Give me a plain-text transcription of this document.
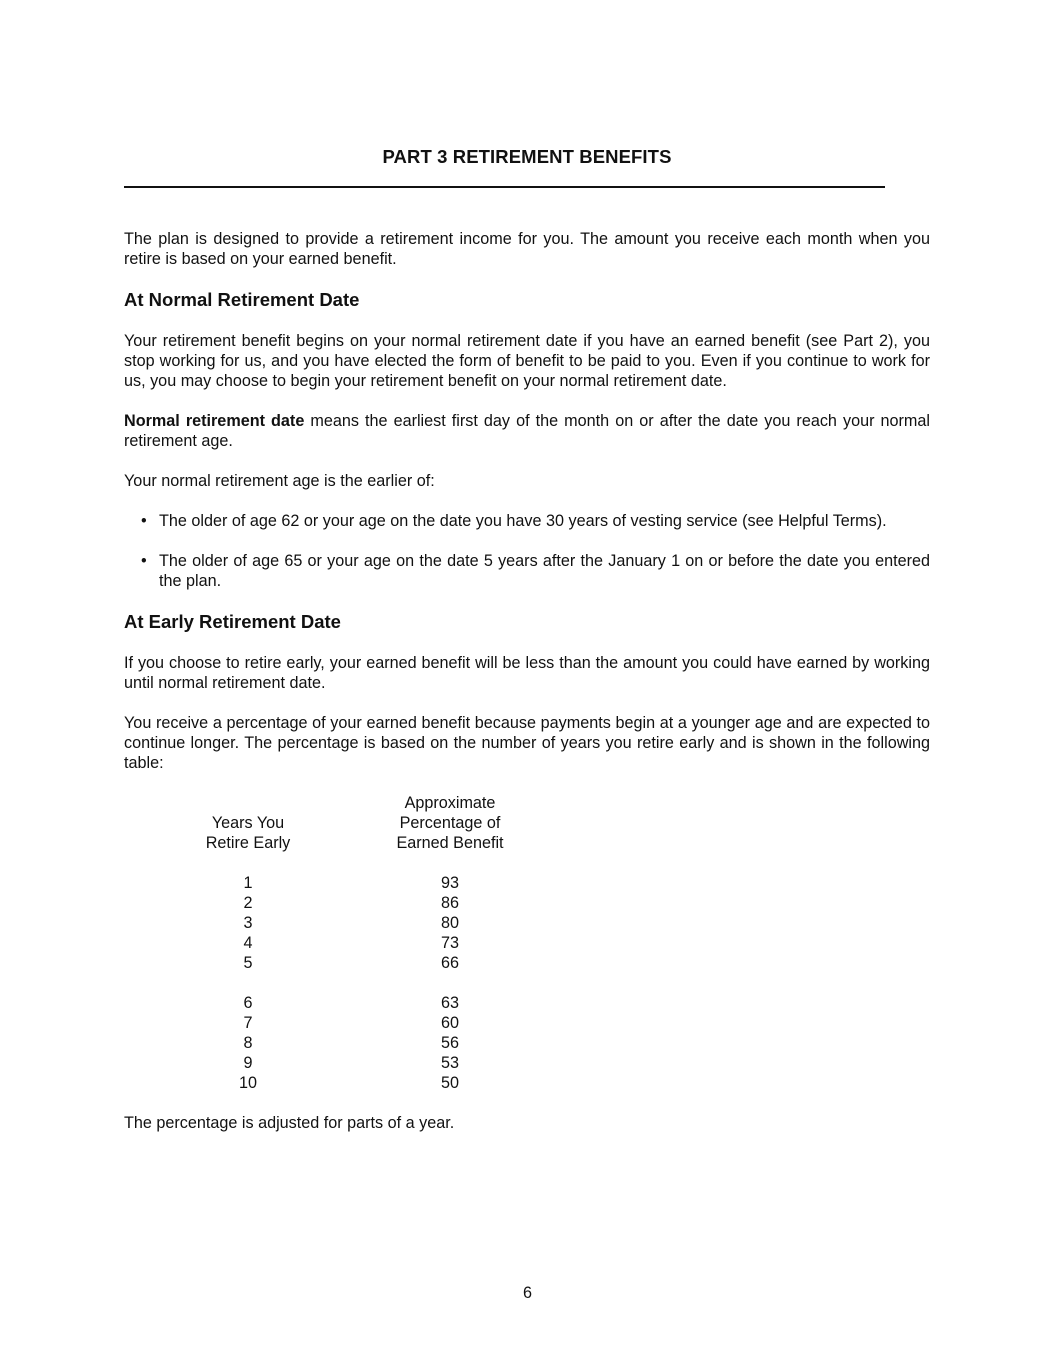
PART 3 RETIREMENT BENEFITS

The plan is designed to provide a retirement income for you. The amount you receive each month when you retire is based on your earned benefit.

At Normal Retirement Date

Your retirement benefit begins on your normal retirement date if you have an earned benefit (see Part 2), you stop working for us, and you have elected the form of benefit to be paid to you. Even if you continue to work for us, you may choose to begin your retirement benefit on your normal retirement date.

Normal retirement date means the earliest first day of the month on or after the date you reach your normal retirement age.

Your normal retirement age is the earlier of:

• The older of age 62 or your age on the date you have 30 years of vesting service (see Helpful Terms).
• The older of age 65 or your age on the date 5 years after the January 1 on or before the date you entered the plan.
At Early Retirement Date

If you choose to retire early, your earned benefit will be less than the amount you could have earned by working until normal retirement date.

You receive a percentage of your earned benefit because payments begin at a younger age and are expected to continue longer. The percentage is based on the number of years you retire early and is shown in the following table:

Years You
Retire Early
1
2
3
4
5
6
7
8
9
10
Approximate
Percentage of
Earned Benefit
93
86
80
73
66
63
60
56
53
50

The percentage is adjusted for parts of a year.

6
